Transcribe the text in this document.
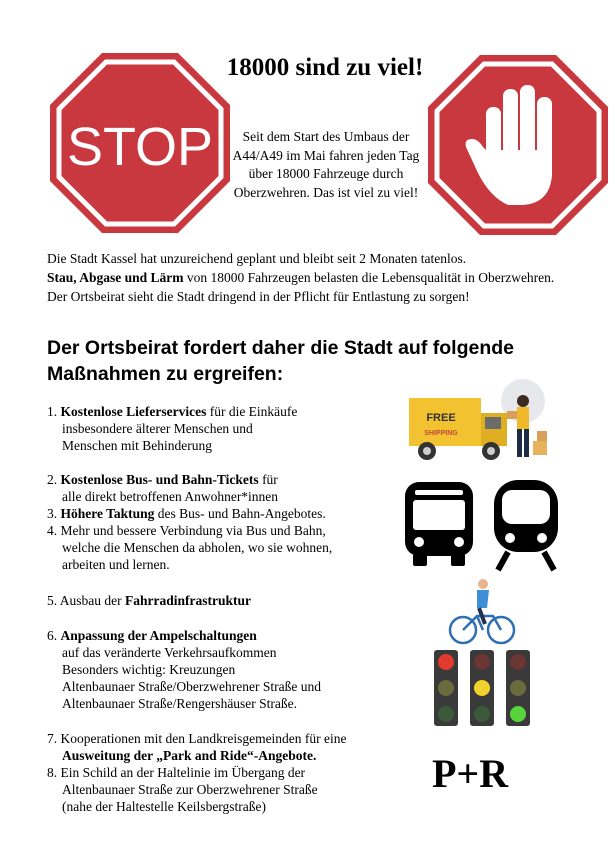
STOP
18000 sind zu viel!
Seit dem Start des Umbaus der A44/A49 im Mai fahren jeden Tag über 18000 Fahrzeuge durch Oberzwehren. Das ist viel zu viel!
Die Stadt Kassel hat unzureichend geplant und bleibt seit 2 Monaten tatenlos.
Stau, Abgase und Lärm von 18000 Fahrzeugen belasten die Lebensqualität in Oberzwehren.
Der Ortsbeirat sieht die Stadt dringend in der Pflicht für Entlastung zu sorgen!
Der Ortsbeirat fordert daher die Stadt auf folgende
Maßnahmen zu ergreifen:
1. Kostenlose Lieferservices für die Einkäufe
insbesondere älterer Menschen und
Menschen mit Behinderung
2. Kostenlose Bus- und Bahn-Tickets für
alle direkt betroffenen Anwohner*innen
3. Höhere Taktung des Bus- und Bahn-Angebotes.
4. Mehr und bessere Verbindung via Bus und Bahn,
welche die Menschen da abholen, wo sie wohnen,
arbeiten und lernen.
5. Ausbau der Fahrradinfrastruktur
6. Anpassung der Ampelschaltungen
auf das veränderte Verkehrsaufkommen
Besonders wichtig: Kreuzungen
Altenbaunaer Straße/Oberzwehrener Straße und
Altenbaunaer Straße/Rengershäuser Straße.
7. Kooperationen mit den Landkreisgemeinden für eine
Ausweitung der „Park and Ride“-Angebote.
8. Ein Schild an der Haltelinie im Übergang der
Altenbaunaer Straße zur Oberzwehrener Straße
(nahe der Haltestelle Keilsbergstraße)
FREE
SHIPPING
P+R
